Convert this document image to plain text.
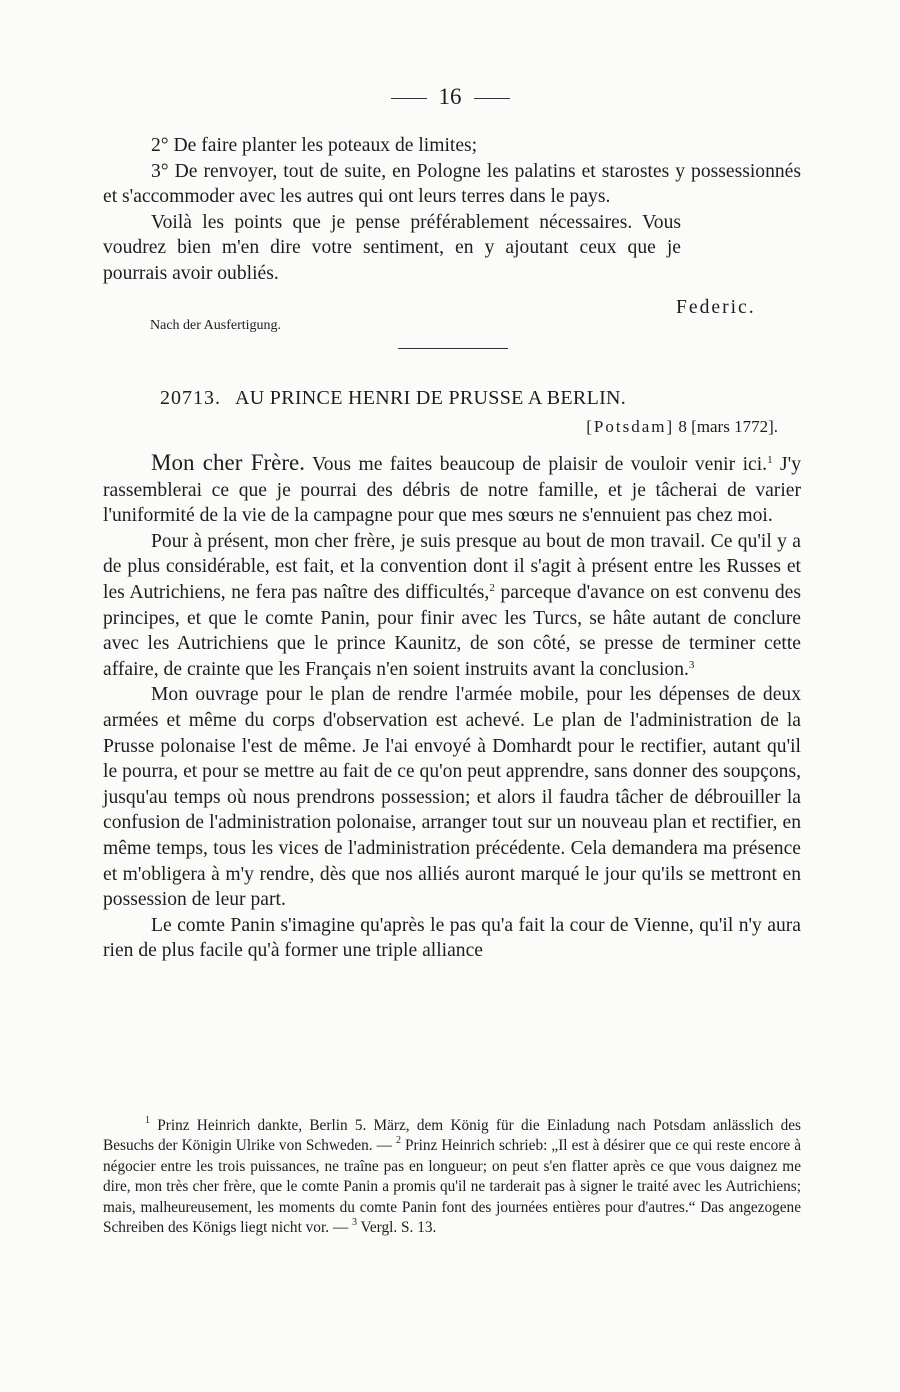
16

2° De faire planter les poteaux de limites;

3° De renvoyer, tout de suite, en Pologne les palatins et starostes y possessionnés et s'accommoder avec les autres qui ont leurs terres dans le pays.

Voilà les points que je pense préférablement nécessaires. Vous voudrez bien m'en dire votre sentiment, en y ajoutant ceux que je pourrais avoir oubliés.

Federic.
Nach der Ausfertigung.
20713. AU PRINCE HENRI DE PRUSSE A BERLIN.
[Potsdam] 8 [mars 1772].

Mon cher Frère. Vous me faites beaucoup de plaisir de vouloir venir ici.$^1$ J'y rassemblerai ce que je pourrai des débris de notre famille, et je tâcherai de varier l'uniformité de la vie de la campagne pour que mes sœurs ne s'ennuient pas chez moi.

Pour à présent, mon cher frère, je suis presque au bout de mon travail. Ce qu'il y a de plus considérable, est fait, et la convention dont il s'agit à présent entre les Russes et les Autrichiens, ne fera pas naître des difficultés,$^2$ parceque d'avance on est convenu des principes, et que le comte Panin, pour finir avec les Turcs, se hâte autant de conclure avec les Autrichiens que le prince Kaunitz, de son côté, se presse de terminer cette affaire, de crainte que les Français n'en soient instruits avant la conclusion.$^3$

Mon ouvrage pour le plan de rendre l'armée mobile, pour les dépenses de deux armées et même du corps d'observation est achevé. Le plan de l'administration de la Prusse polonaise l'est de même. Je l'ai envoyé à Domhardt pour le rectifier, autant qu'il le pourra, et pour se mettre au fait de ce qu'on peut apprendre, sans donner des soupçons, jusqu'au temps où nous prendrons possession; et alors il faudra tâcher de débrouiller la confusion de l'administration polonaise, arranger tout sur un nouveau plan et rectifier, en même temps, tous les vices de l'administration précédente. Cela demandera ma présence et m'obligera à m'y rendre, dès que nos alliés auront marqué le jour qu'ils se mettront en possession de leur part.

Le comte Panin s'imagine qu'après le pas qu'a fait la cour de Vienne, qu'il n'y aura rien de plus facile qu'à former une triple alliance

$^1$ Prinz Heinrich dankte, Berlin 5. März, dem König für die Einladung nach Potsdam anlässlich des Besuchs der Königin Ulrike von Schweden. — $^2$ Prinz Heinrich schrieb: „Il est à désirer que ce qui reste encore à négocier entre les trois puissances, ne traîne pas en longueur; on peut s'en flatter après ce que vous daignez me dire, mon très cher frère, que le comte Panin a promis qu'il ne tarderait pas à signer le traité avec les Autrichiens; mais, malheureusement, les moments du comte Panin font des journées entières pour d'autres.“ Das angezogene Schreiben des Königs liegt nicht vor. — $^3$ Vergl. S. 13.
